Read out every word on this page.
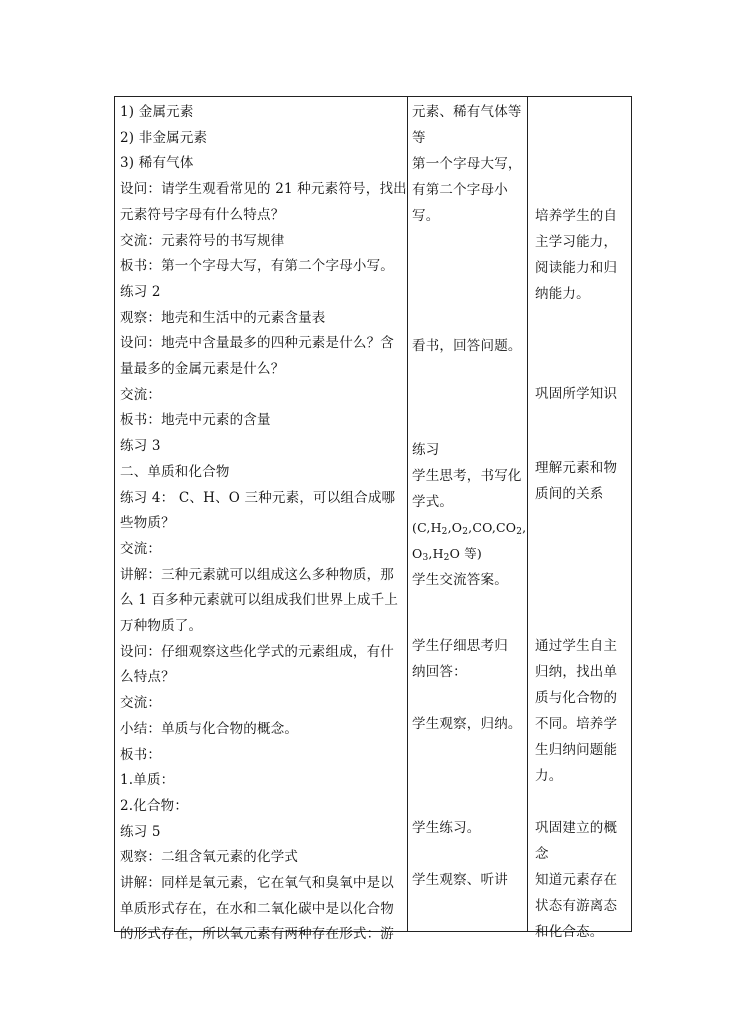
1) 金属元素
2) 非金属元素
3) 稀有气体
设问：请学生观看常见的 21 种元素符号，找出
元素符号字母有什么特点？
交流：元素符号的书写规律
板书：第一个字母大写，有第二个字母小写。
练习 2
观察：地壳和生活中的元素含量表
设问：地壳中含量最多的四种元素是什么？含
量最多的金属元素是什么？
交流：
板书：地壳中元素的含量
练习 3
二、单质和化合物
练习 4： C、H、O 三种元素，可以组合成哪
些物质？
交流：
讲解：三种元素就可以组成这么多种物质，那
么 1 百多种元素就可以组成我们世界上成千上
万种物质了。
设问：仔细观察这些化学式的元素组成，有什
么特点？
交流：
小结：单质与化合物的概念。
板书：
1.单质：
2.化合物：
练习 5
观察：二组含氧元素的化学式
讲解：同样是氧元素，它在氧气和臭氧中是以
单质形式存在，在水和二氧化碳中是以化合物
的形式存在，所以氧元素有两种存在形式：游
元素、稀有气体等
等
第一个字母大写，
有第二个字母小
写。
看书，回答问题。
练习
学生思考，书写化
学式。
($C,H_2,O_2,CO,CO_2$,
$O_3,H_2O$ 等)
学生交流答案。
学生仔细思考归
纳回答：
学生观察，归纳。
学生练习。
学生观察、听讲
培养学生的自
主学习能力，
阅读能力和归
纳能力。
巩固所学知识
理解元素和物
质间的关系
通过学生自主
归纳，找出单
质与化合物的
不同。培养学
生归纳问题能
力。
巩固建立的概
念
知道元素存在
状态有游离态
和化合态。
